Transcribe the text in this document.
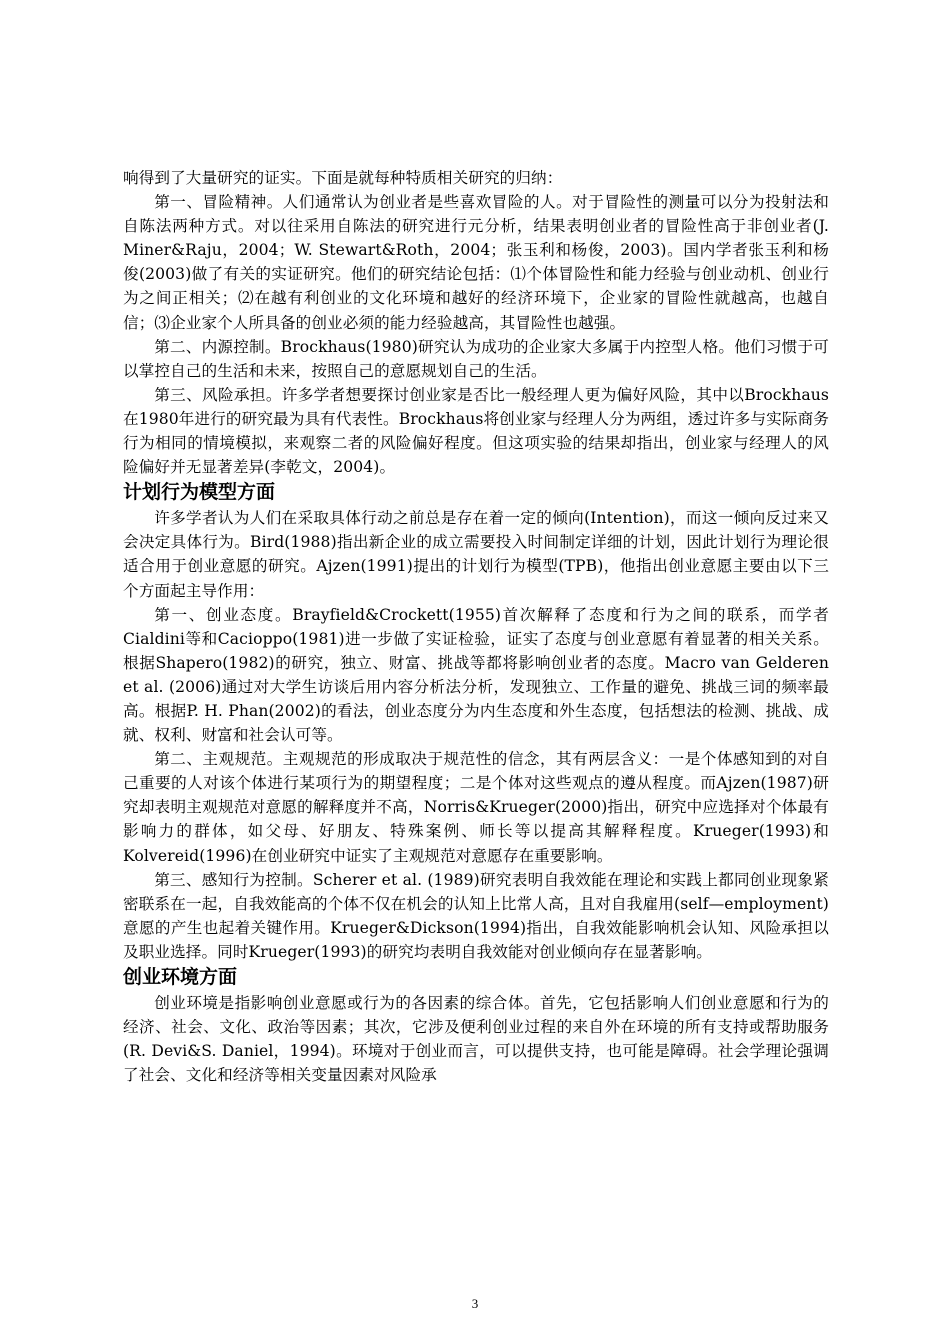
响得到了大量研究的证实。下面是就每种特质相关研究的归纳：

第一、冒险精神。人们通常认为创业者是些喜欢冒险的人。对于冒险性的测量可以分为投射法和自陈法两种方式。对以往采用自陈法的研究进行元分析，结果表明创业者的冒险性高于非创业者(J. Miner&Raju，2004；W. Stewart&Roth，2004；张玉利和杨俊，2003)。国内学者张玉利和杨俊(2003)做了有关的实证研究。他们的研究结论包括：⑴个体冒险性和能力经验与创业动机、创业行为之间正相关；⑵在越有利创业的文化环境和越好的经济环境下，企业家的冒险性就越高，也越自信；⑶企业家个人所具备的创业必须的能力经验越高，其冒险性也越强。

第二、内源控制。Brockhaus(1980)研究认为成功的企业家大多属于内控型人格。他们习惯于可以掌控自己的生活和未来，按照自己的意愿规划自己的生活。

第三、风险承担。许多学者想要探讨创业家是否比一般经理人更为偏好风险，其中以Brockhaus在1980年进行的研究最为具有代表性。Brockhaus将创业家与经理人分为两组，透过许多与实际商务行为相同的情境模拟，来观察二者的风险偏好程度。但这项实验的结果却指出，创业家与经理人的风险偏好并无显著差异(李乾文，2004)。

计划行为模型方面

许多学者认为人们在采取具体行动之前总是存在着一定的倾向(Intention)，而这一倾向反过来又会决定具体行为。Bird(1988)指出新企业的成立需要投入时间制定详细的计划，因此计划行为理论很适合用于创业意愿的研究。Ajzen(1991)提出的计划行为模型(TPB)，他指出创业意愿主要由以下三个方面起主导作用：

第一、创业态度。Brayfield&Crockett(1955)首次解释了态度和行为之间的联系，而学者Cialdini等和Cacioppo(1981)进一步做了实证检验，证实了态度与创业意愿有着显著的相关关系。根据Shapero(1982)的研究，独立、财富、挑战等都将影响创业者的态度。Macro van Gelderen et al. (2006)通过对大学生访谈后用内容分析法分析，发现独立、工作量的避免、挑战三词的频率最高。根据P. H. Phan(2002)的看法，创业态度分为内生态度和外生态度，包括想法的检测、挑战、成就、权利、财富和社会认可等。

第二、主观规范。主观规范的形成取决于规范性的信念，其有两层含义：一是个体感知到的对自己重要的人对该个体进行某项行为的期望程度；二是个体对这些观点的遵从程度。而Ajzen(1987)研究却表明主观规范对意愿的解释度并不高，Norris&Krueger(2000)指出，研究中应选择对个体最有影响力的群体，如父母、好朋友、特殊案例、师长等以提高其解释程度。Krueger(1993)和Kolvereid(1996)在创业研究中证实了主观规范对意愿存在重要影响。

第三、感知行为控制。Scherer et al. (1989)研究表明自我效能在理论和实践上都同创业现象紧密联系在一起，自我效能高的个体不仅在机会的认知上比常人高，且对自我雇用(self—employment)意愿的产生也起着关键作用。Krueger&Dickson(1994)指出，自我效能影响机会认知、风险承担以及职业选择。同时Krueger(1993)的研究均表明自我效能对创业倾向存在显著影响。

创业环境方面

创业环境是指影响创业意愿或行为的各因素的综合体。首先，它包括影响人们创业意愿和行为的经济、社会、文化、政治等因素；其次，它涉及便利创业过程的来自外在环境的所有支持或帮助服务(R. Devi&S. Daniel，1994)。环境对于创业而言，可以提供支持，也可能是障碍。社会学理论强调了社会、文化和经济等相关变量因素对风险承

3
